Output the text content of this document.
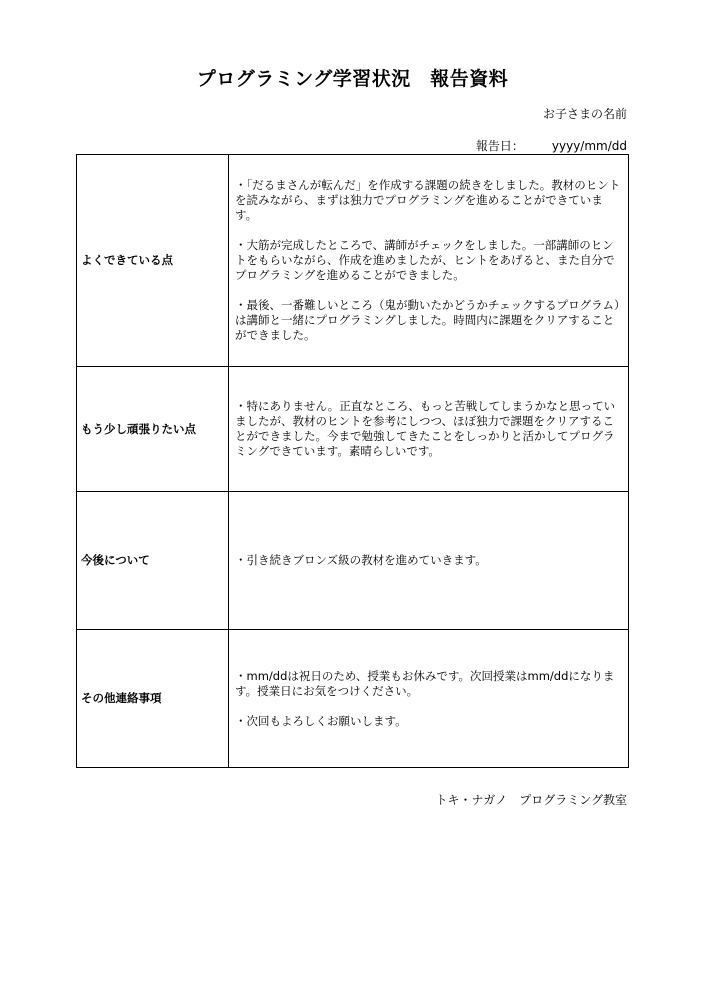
プログラミング学習状況　報告資料
お子さまの名前
報告日： yyyy/mm/dd
よくできている点	・「だるまさんが転んだ」を作成する課題の続きをしました。教材のヒントを読みながら、まずは独力でプログラミングを進めることができています。

・大筋が完成したところで、講師がチェックをしました。一部講師のヒントをもらいながら、作成を進めましたが、ヒントをあげると、また自分でプログラミングを進めることができました。

・最後、一番難しいところ（鬼が動いたかどうかチェックするプログラム）は講師と一緒にプログラミングしました。時間内に課題をクリアすることができました。

もう少し頑張りたい点	・特にありません。正直なところ、もっと苦戦してしまうかなと思っていましたが、教材のヒントを参考にしつつ、ほぼ独力で課題をクリアすることができました。今まで勉強してきたことをしっかりと活かしてプログラミングできています。素晴らしいです。

今後について	・引き続きブロンズ級の教材を進めていきます。

その他連絡事項	・mm/ddは祝日のため、授業もお休みです。次回授業はmm/ddになります。授業日にお気をつけください。

・次回もよろしくお願いします。

トキ・ナガノ　プログラミング教室
